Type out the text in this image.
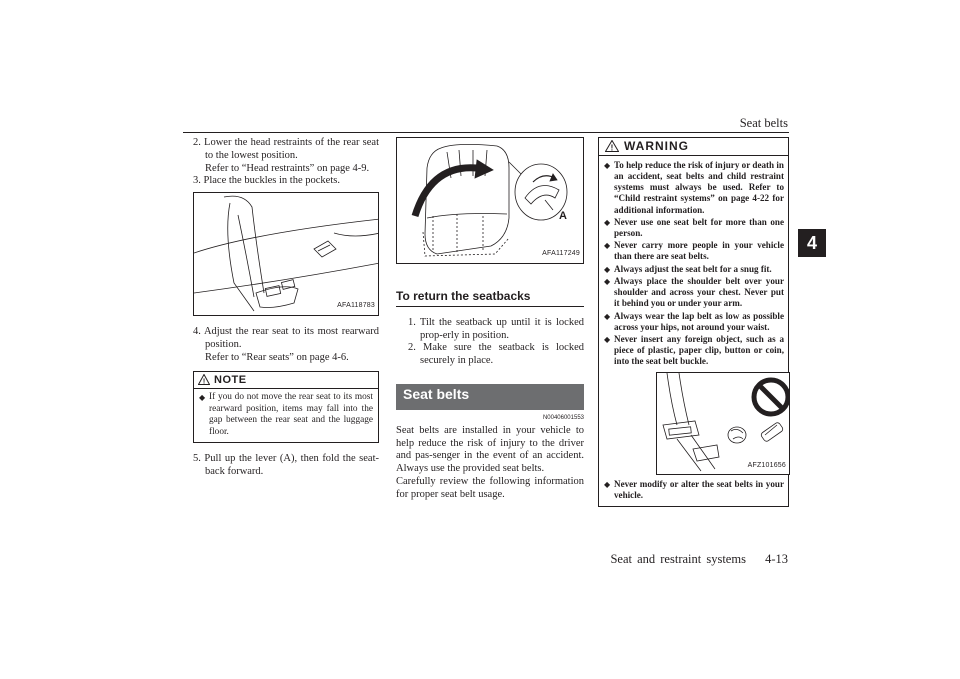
Seat belts
4

2. Lower the head restraints of the rear seat to the lowest position.
Refer to “Head restraints” on page 4-9.

3. Place the buckles in the pockets.

AFA118783

4. Adjust the rear seat to its most rearward position.
Refer to “Rear seats” on page 4-6.

! NOTE
◆ If you do not move the rear seat to its most rearward position, items may fall into the gap between the rear seat and the luggage floor.

5. Pull up the lever (A), then fold the seat-back forward.

A
AFA117249
To return the seatbacks

1. Tilt the seatback up until it is locked prop-erly in position.

2. Make sure the seatback is locked securely in place.

Seat belts
N00406001553

Seat belts are installed in your vehicle to help reduce the risk of injury to the driver and pas-senger in the event of an accident. Always use the provided seat belts.

Carefully review the following information for proper seat belt usage.

! WARNING
◆ To help reduce the risk of injury or death in an accident, seat belts and child restraint systems must always be used. Refer to “Child restraint systems” on page 4-22 for additional information.
◆ Never use one seat belt for more than one person.
◆ Never carry more people in your vehicle than there are seat belts.
◆ Always adjust the seat belt for a snug fit.
◆ Always place the shoulder belt over your shoulder and across your chest. Never put it behind you or under your arm.
◆ Always wear the lap belt as low as possible across your hips, not around your waist.
◆ Never insert any foreign object, such as a piece of plastic, paper clip, button or coin, into the seat belt buckle.
AFZ101656
◆ Never modify or alter the seat belts in your vehicle.
Seat and restraint systems 4-13
